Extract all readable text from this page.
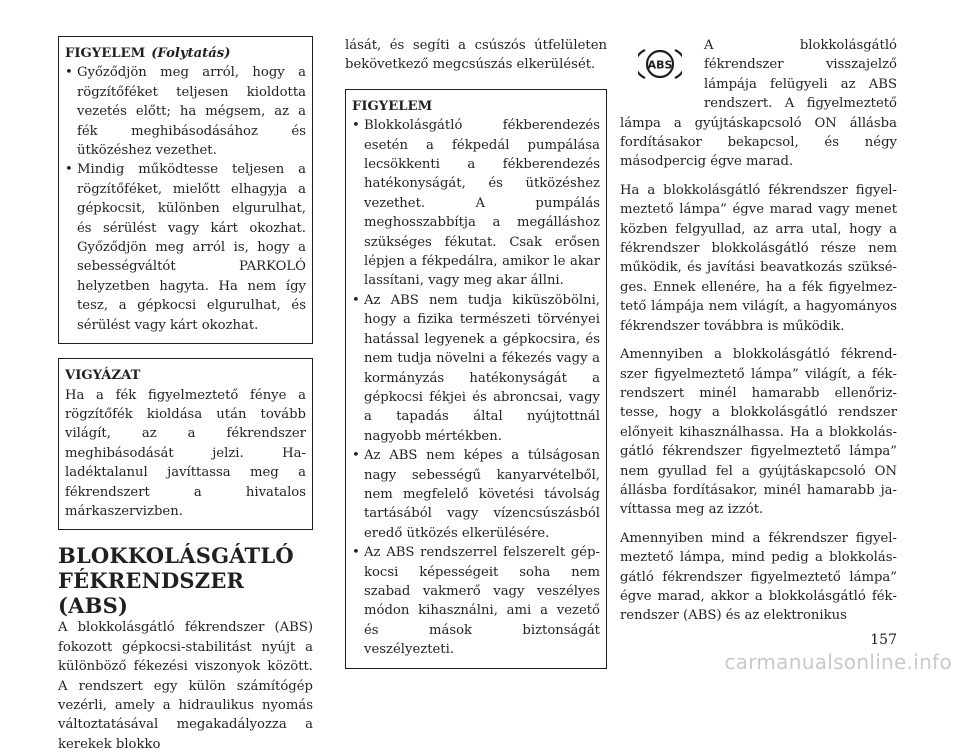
FIGYELEM (Folytatás)
• Győződjön meg arról, hogy a rögzítőféket teljesen kioldotta vezetés előtt; ha mégsem, az a fék meghibásodásához és ütközéshez vezethet.
• Mindig működtesse teljesen a rögzítőféket, mielőtt elhagyja a gépkocsit, különben elgurulhat, és sérülést vagy kárt okozhat. Győződjön meg arról is, hogy a sebességváltót PARKOLÓ helyzetben hagyta. Ha nem így tesz, a gépkocsi elgurulhat, és sérülést vagy kárt okozhat.
VIGYÁZAT
Ha a fék figyelmeztető fénye a rögzítőfék kioldása után tovább világít, az a fékrendszer meghibásodását jelzi. Haladéktalanul javíttassa meg a fékrendszert a hivatalos márkaszervizben.
BLOKKOLÁSGÁTLÓ
FÉKRENDSZER (ABS)

A blokkolásgátló fékrendszer (ABS) fokozott gépkocsi-stabilitást nyújt a különböző fékezési viszonyok között. A rendszert egy külön számítógép vezérli, amely a hidraulikus nyomás változtatásával megakadályozza a kerekek blokko

lását, és segíti a csúszós útfelületen bekövetkező megcsúszás elkerülését.

FIGYELEM
• Blokkolásgátló fékberendezés esetén a fékpedál pumpálása lecsökkenti a fékberendezés hatékonyságát, és ütközéshez vezethet. A pumpálás meghosszabbítja a megálláshoz szükséges fékutat. Csak erősen lépjen a fékpedálra, amikor le akar lassítani, vagy meg akar állni.
• Az ABS nem tudja kiküszöbölni, hogy a fizika természeti törvényei hatással legyenek a gépkocsira, és nem tudja növelni a fékezés vagy a kormányzás hatékonyságát a gépkocsi fékjei és abroncsai, vagy a tapadás által nyújtottnál nagyobb mértékben.
• Az ABS nem képes a túlságosan nagy sebességű kanyarvételből, nem megfelelő követési távolság tartásából vagy vízencsúszásból eredő ütközés elkerülésére.
• Az ABS rendszerrel felszerelt gépkocsi képességeit soha nem szabad vakmerő vagy veszélyes módon kihasználni, ami a vezető és mások biztonságát veszélyezteti.
ABS

A blokkolásgátló fékrendszer visszajelző lámpája felügyeli az ABS rendszert. A figyelmeztető lámpa a gyújtáskapcsoló ON állásba fordításakor bekapcsol, és négy másodpercig égve marad.

Ha a blokkolásgátló fékrendszer figyelmeztető lámpa” égve marad vagy menet közben felgyullad, az arra utal, hogy a fékrendszer blokkolásgátló része nem működik, és javítási beavatkozás szükséges. Ennek ellenére, ha a fék figyelmeztető lámpája nem világít, a hagyományos fékrendszer továbbra is működik.

Amennyiben a blokkolásgátló fékrendszer figyelmeztető lámpa” világít, a fékrendszert minél hamarabb ellenőriztesse, hogy a blokkolásgátló rendszer előnyeit kihasználhassa. Ha a blokkolásgátló fékrendszer figyelmeztető lámpa” nem gyullad fel a gyújtáskapcsoló ON állásba fordításakor, minél hamarabb javíttassa meg az izzót.

Amennyiben mind a fékrendszer figyelmeztető lámpa, mind pedig a blokkolásgátló fékrendszer figyelmeztető lámpa” égve marad, akkor a blokkolásgátló fékrendszer (ABS) és az elektronikus

157
carmanualsonline.info
